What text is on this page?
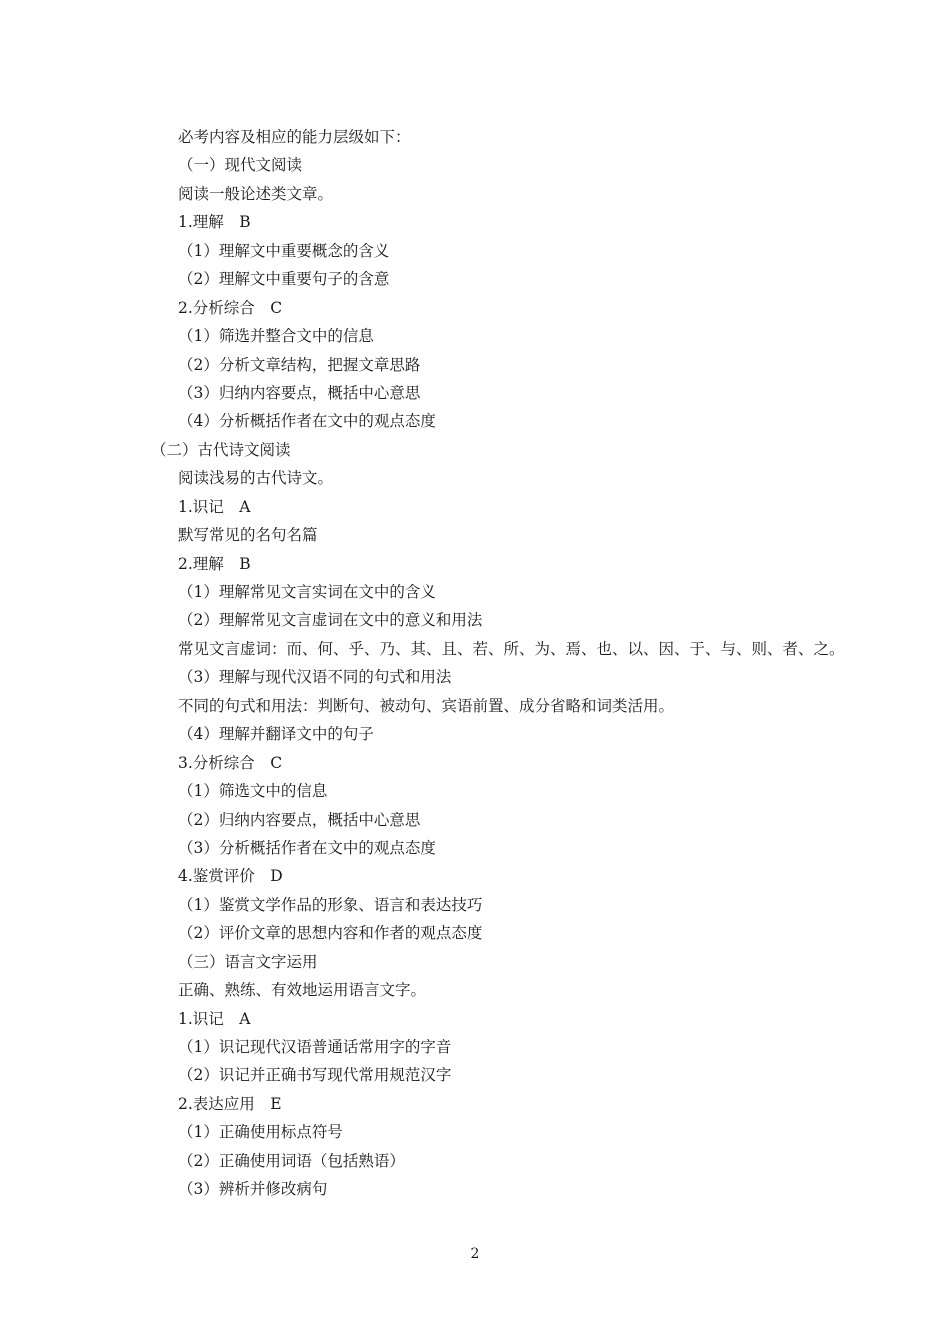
必考内容及相应的能力层级如下：
（一）现代文阅读
阅读一般论述类文章。
1.理解　B
（1）理解文中重要概念的含义
（2）理解文中重要句子的含意
2.分析综合　C
（1）筛选并整合文中的信息
（2）分析文章结构，把握文章思路
（3）归纳内容要点，概括中心意思
（4）分析概括作者在文中的观点态度
（二）古代诗文阅读
阅读浅易的古代诗文。
1.识记　A
默写常见的名句名篇
2.理解　B
（1）理解常见文言实词在文中的含义
（2）理解常见文言虚词在文中的意义和用法
常见文言虚词：而、何、乎、乃、其、且、若、所、为、焉、也、以、因、于、与、则、者、之。
（3）理解与现代汉语不同的句式和用法
不同的句式和用法：判断句、被动句、宾语前置、成分省略和词类活用。
（4）理解并翻译文中的句子
3.分析综合　C
（1）筛选文中的信息
（2）归纳内容要点，概括中心意思
（3）分析概括作者在文中的观点态度
4.鉴赏评价　D
（1）鉴赏文学作品的形象、语言和表达技巧
（2）评价文章的思想内容和作者的观点态度
（三）语言文字运用
正确、熟练、有效地运用语言文字。
1.识记　A
（1）识记现代汉语普通话常用字的字音
（2）识记并正确书写现代常用规范汉字
2.表达应用　E
（1）正确使用标点符号
（2）正确使用词语（包括熟语）
（3）辨析并修改病句
2
